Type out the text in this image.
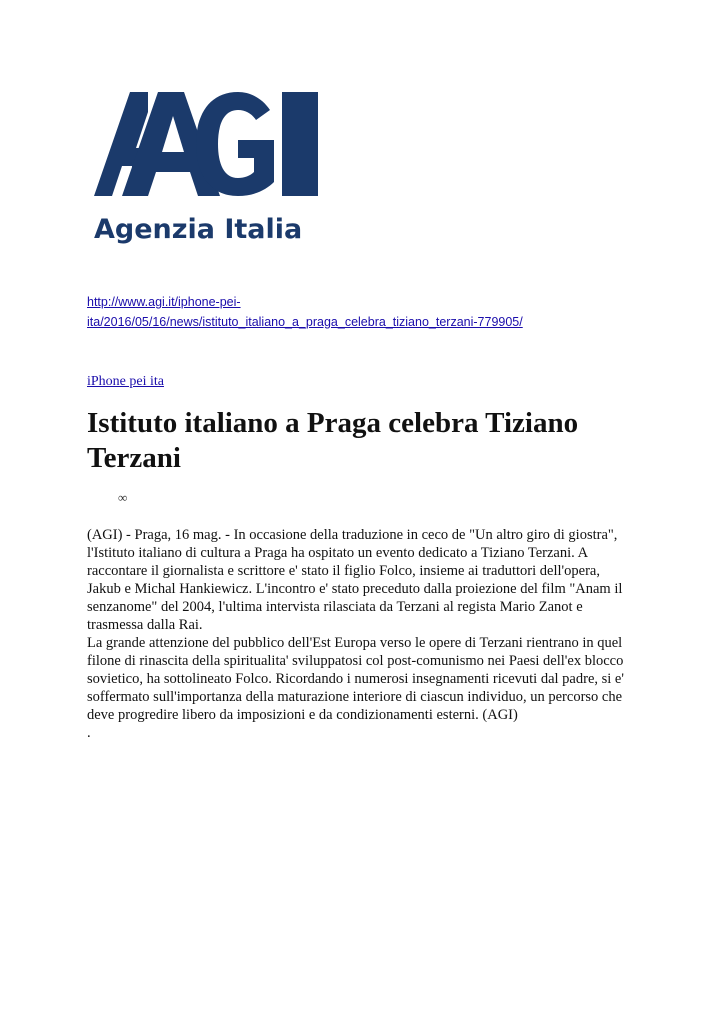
Agenzia Italia
http://www.agi.it/iphone-pei-
ita/2016/05/16/news/istituto_italiano_a_praga_celebra_tiziano_terzani-779905/
iPhone pei ita
Istituto italiano a Praga celebra Tiziano
Terzani
∞
(AGI) - Praga, 16 mag. - In occasione della traduzione in ceco de "Un altro giro di giostra",
l'Istituto italiano di cultura a Praga ha ospitato un evento dedicato a Tiziano Terzani. A
raccontare il giornalista e scrittore e' stato il figlio Folco, insieme ai traduttori dell'opera,
Jakub e Michal Hankiewicz. L'incontro e' stato preceduto dalla proiezione del film "Anam il
senzanome" del 2004, l'ultima intervista rilasciata da Terzani al regista Mario Zanot e
trasmessa dalla Rai.
La grande attenzione del pubblico dell'Est Europa verso le opere di Terzani rientrano in quel
filone di rinascita della spiritualita' sviluppatosi col post-comunismo nei Paesi dell'ex blocco
sovietico, ha sottolineato Folco. Ricordando i numerosi insegnamenti ricevuti dal padre, si e'
soffermato sull'importanza della maturazione interiore di ciascun individuo, un percorso che
deve progredire libero da imposizioni e da condizionamenti esterni. (AGI)
.
